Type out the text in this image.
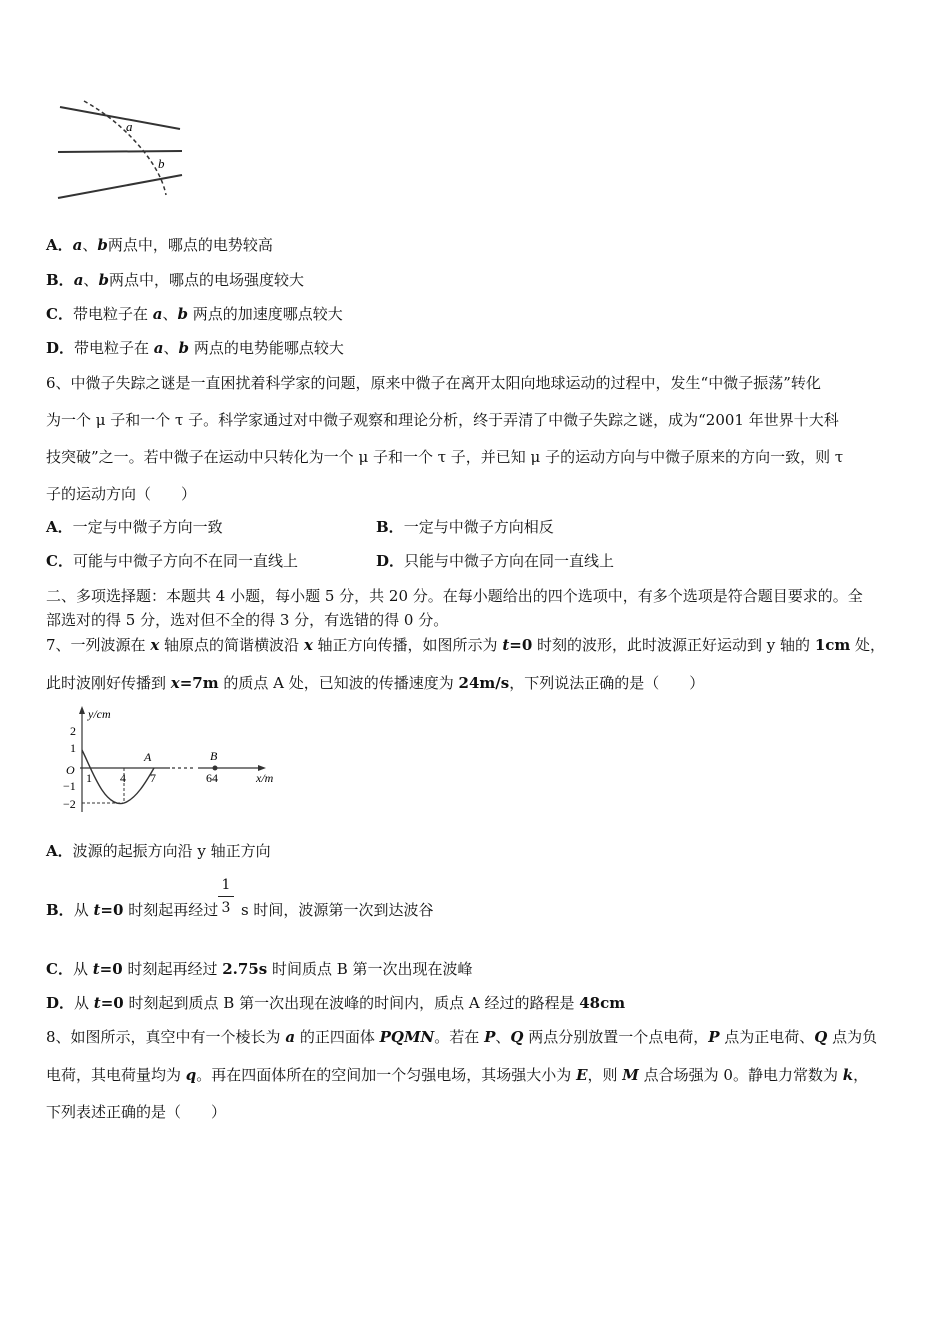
a
b
A．a、b两点中，哪点的电势较高
B．a、b两点中，哪点的电场强度较大
C．带电粒子在 a、b 两点的加速度哪点较大
D．带电粒子在 a、b 两点的电势能哪点较大
6、中微子失踪之谜是一直困扰着科学家的问题，原来中微子在离开太阳向地球运动的过程中，发生“中微子振荡”转化
为一个 μ 子和一个 τ 子。科学家通过对中微子观察和理论分析，终于弄清了中微子失踪之谜，成为“2001 年世界十大科
技突破”之一。若中微子在运动中只转化为一个 μ 子和一个 τ 子，并已知 μ 子的运动方向与中微子原来的方向一致，则 τ
子的运动方向（　　）
A．一定与中微子方向一致	B．一定与中微子方向相反
C．可能与中微子方向不在同一直线上	D．只能与中微子方向在同一直线上
二、多项选择题：本题共 4 小题，每小题 5 分，共 20 分。在每小题给出的四个选项中，有多个选项是符合题目要求的。全
部选对的得 5 分，选对但不全的得 3 分，有选错的得 0 分。
7、一列波源在 x 轴原点的简谐横波沿 x 轴正方向传播，如图所示为 t=0 时刻的波形，此时波源正好运动到 y 轴的 1cm 处，
此时波刚好传播到 x=7m 的质点 A 处，已知波的传播速度为 24m/s，下列说法正确的是（　　）
y/cm
x/m
2
1
O
−1
−2
1 4 7
A	B
64
A．波源的起振方向沿 y 轴正方向
1
3
B．从 t=0 时刻起再经过 s 时间，波源第一次到达波谷
C．从 t=0 时刻起再经过 2.75s 时间质点 B 第一次出现在波峰
D．从 t=0 时刻起到质点 B 第一次出现在波峰的时间内，质点 A 经过的路程是 48cm
8、如图所示，真空中有一个棱长为 a 的正四面体 PQMN。若在 P、Q 两点分别放置一个点电荷，P 点为正电荷、Q 点为负
电荷，其电荷量均为 q。再在四面体所在的空间加一个匀强电场，其场强大小为 E，则 M 点合场强为 0。静电力常数为 k，
下列表述正确的是（　　）
